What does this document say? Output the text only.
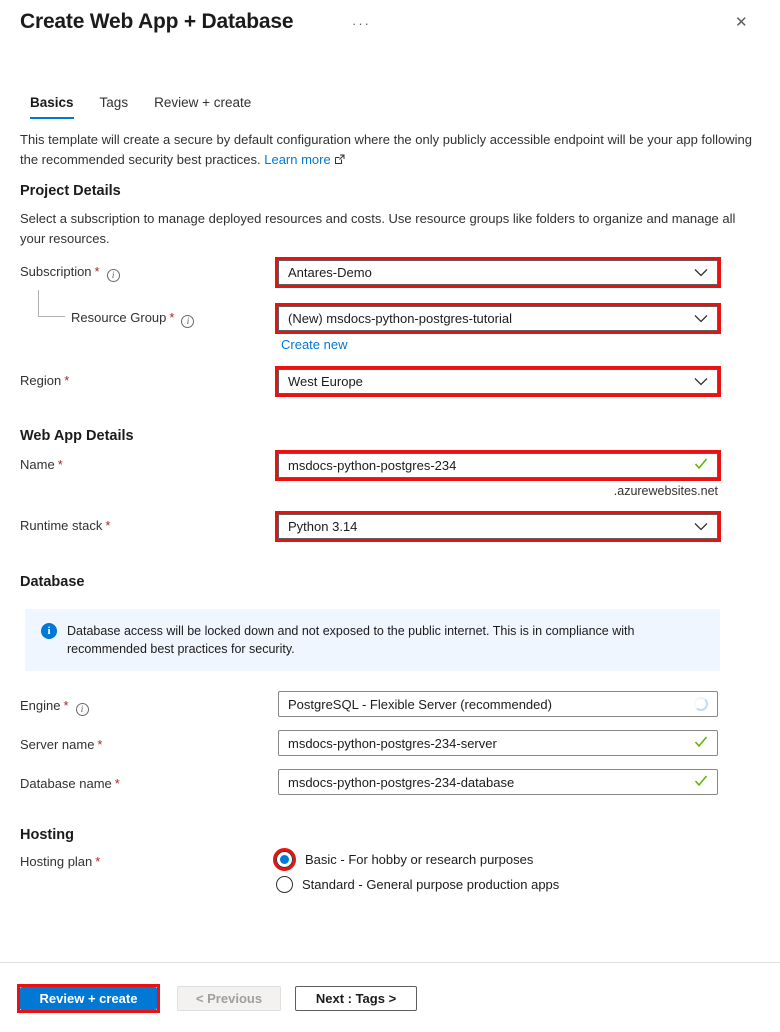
Create Web App + Database	···	✕
Basics Tags Review + create
This template will create a secure by default configuration where the only publicly accessible endpoint will be your app following the recommended security best practices. Learn more
Project Details
Select a subscription to manage deployed resources and costs. Use resource groups like folders to organize and manage all your resources.
Subscription * i	Antares-Demo
Resource Group * i	(New) msdocs-python-postgres-tutorial
Create new
Region *	West Europe
Web App Details
Name *	msdocs-python-postgres-234
.azurewebsites.net
Runtime stack *	Python 3.14
Database
i	Database access will be locked down and not exposed to the public internet. This is in compliance with recommended best practices for security.
Engine * i	PostgreSQL - Flexible Server (recommended)
Server name *	msdocs-python-postgres-234-server
Database name *	msdocs-python-postgres-234-database
Hosting
Hosting plan *	Basic - For hobby or research purposes
Standard - General purpose production apps
Review + create	< Previous	Next : Tags >
